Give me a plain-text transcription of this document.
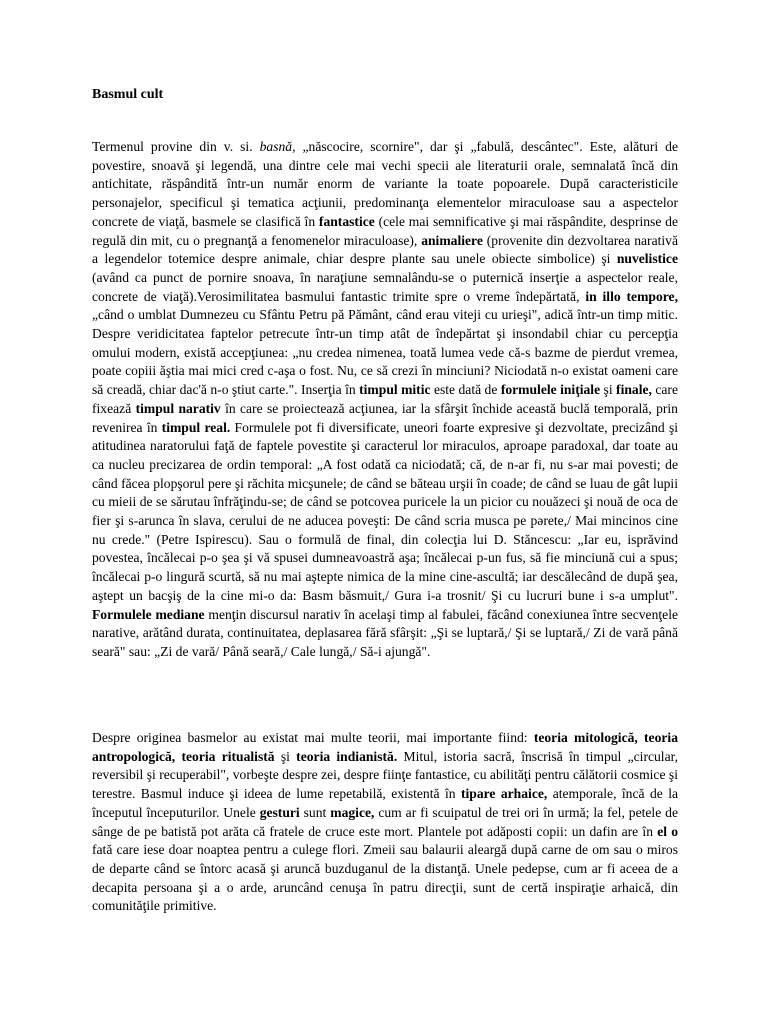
Basmul cult

Termenul provine din v. si. basnă, „născocire, scornire", dar şi „fabulă, descântec". Este, alături de povestire, snoavă şi legendă, una dintre cele mai vechi specii ale literaturii orale, semnalată încă din antichitate, răspândită într-un număr enorm de variante la toate popoarele. După caracteristicile personajelor, specificul şi tematica acţiunii, predominanţa elementelor miraculoase sau a aspectelor concrete de viaţă, basmele se clasifică în fantastice (cele mai semnificative şi mai răspândite, desprinse de regulă din mit, cu o pregnanţă a fenomenelor miraculoase), animaliere (provenite din dezvoltarea narativă a legendelor totemice despre animale, chiar despre plante sau unele obiecte simbolice) şi nuvelistice (având ca punct de pornire snoava, în naraţiune semnalându-se o puternică inserţie a aspectelor reale, concrete de viaţă).Verosimilitatea basmului fantastic trimite spre o vreme îndepărtată, in illo tempore, „când o umblat Dumnezeu cu Sfântu Petru pă Pământ, când erau viteji cu urieşi", adică într-un timp mitic. Despre veridicitatea faptelor petrecute într-un timp atât de îndepărtat şi insondabil chiar cu percepţia omului modern, există accepţiunea: „nu credea nimenea, toată lumea vede că-s bazme de pierdut vremea, poate copiii ăştia mai mici cred c-aşa o fost. Nu, ce să crezi în minciuni? Niciodată n-o existat oameni care să creadă, chiar dac'ă n-o ştiut carte.". Inserţia în timpul mitic este dată de formulele iniţiale şi finale, care fixează timpul narativ în care se proiectează acţiunea, iar la sfârşit închide această buclă temporală, prin revenirea în timpul real. Formulele pot fi diversificate, uneori foarte expresive şi dezvoltate, precizând şi atitudinea naratorului faţă de faptele povestite şi caracterul lor miraculos, aproape paradoxal, dar toate au ca nucleu precizarea de ordin temporal: „A fost odată ca niciodată; că, de n-ar fi, nu s-ar mai povesti; de când făcea plopşorul pere şi răchita micşunele; de când se băteau urşii în coade; de când se luau de gât lupii cu mieii de se sărutau înfrăţindu-se; de când se potcovea puricele la un picior cu nouăzeci şi nouă de oca de fier şi s-arunca în slava, cerului de ne aducea poveşti: De când scria musca pe pərete,/ Mai mincinos cine nu crede." (Petre Ispirescu). Sau o formulă de final, din colecţia lui D. Stăncescu: „Iar eu, isprăvind povestea, încălecai p-o şea şi vă spusei dumneavoastră aşa; încălecai p-un fus, să fie minciună cui a spus; încălecai p-o lingură scurtă, să nu mai aştepte nimica de la mine cine-ascultă; iar descălecând de după şea, aştept un bacşiş de la cine mi-o da: Basm băsmuit,/ Gura i-a trosnit/ Şi cu lucruri bune i s-a umplut". Formulele mediane menţin discursul narativ în acelaşi timp al fabulei, făcând conexiunea între secvenţele narative, arătând durata, continuitatea, deplasarea fără sfârşit: „Şi se luptară,/ Şi se luptară,/ Zi de vară până seară" sau: „Zi de vară/ Până seară,/ Cale lungă,/ Să-i ajungă".

Despre originea basmelor au existat mai multe teorii, mai importante fiind: teoria mitologică, teoria antropologică, teoria ritualistă şi teoria indianistă. Mitul, istoria sacră, înscrisă în timpul „circular, reversibil şi recuperabil", vorbeşte despre zei, despre fiinţe fantastice, cu abilităţi pentru călătorii cosmice şi terestre. Basmul induce şi ideea de lume repetabilă, existentă în tipare arhaice, atemporale, încă de la începutul începuturilor. Unele gesturi sunt magice, cum ar fi scuipatul de trei ori în urmă; la fel, petele de sânge de pe batistă pot arăta că fratele de cruce este mort. Plantele pot adăposti copii: un dafin are în el o fată care iese doar noaptea pentru a culege flori. Zmeii sau balaurii aleargă după carne de om sau o miros de departe când se întorc acasă şi aruncă buzduganul de la distanţă. Unele pedepse, cum ar fi aceea de a decapita persoana şi a o arde, aruncând cenuşa în patru direcţii, sunt de certă inspiraţie arhaică, din comunităţile primitive.
